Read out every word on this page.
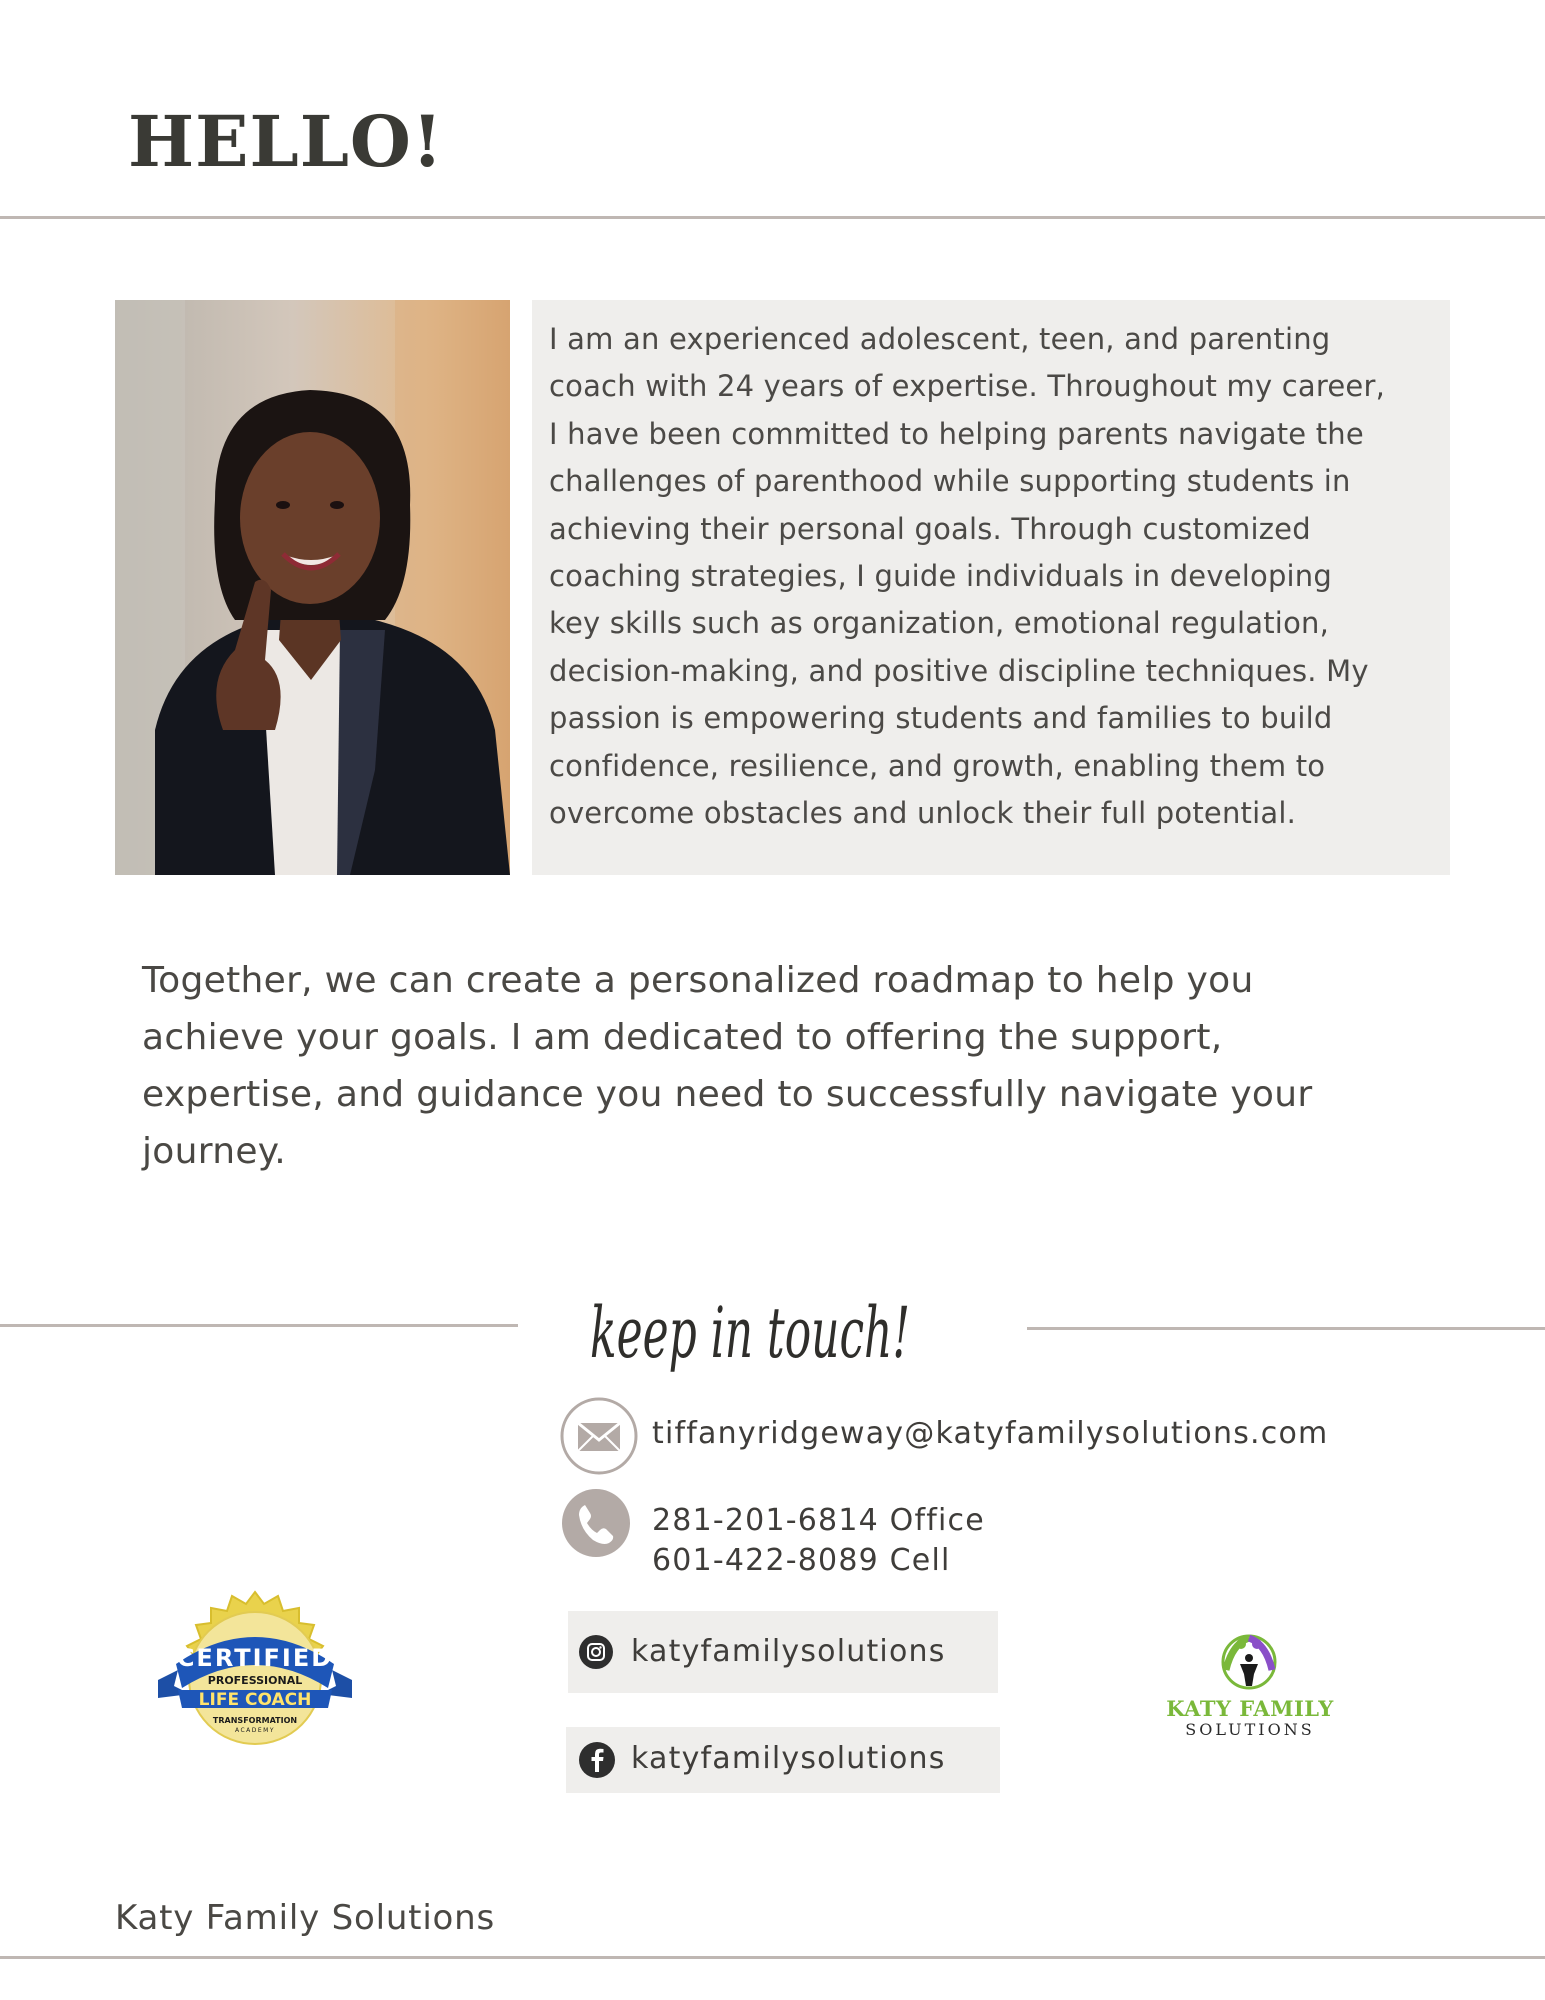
HELLO!

I am an experienced adolescent, teen, and parenting
coach with 24 years of expertise. Throughout my career,
I have been committed to helping parents navigate the
challenges of parenthood while supporting students in
achieving their personal goals. Through customized
coaching strategies, I guide individuals in developing
key skills such as organization, emotional regulation,
decision-making, and positive discipline techniques. My
passion is empowering students and families to build
confidence, resilience, and growth, enabling them to
overcome obstacles and unlock their full potential.

Together, we can create a personalized roadmap to help you
achieve your goals. I am dedicated to offering the support,
expertise, and guidance you need to successfully navigate your
journey.

keep in touch!

tiffanyridgeway@katyfamilysolutions.com

281-201-6814 Office

601-422-8089 Cell

katyfamilysolutions

katyfamilysolutions

CERTIFIED
PROFESSIONAL
LIFE COACH
TRANSFORMATION
ACADEMY
KATY FAMILY
SOLUTIONS

Katy Family Solutions
